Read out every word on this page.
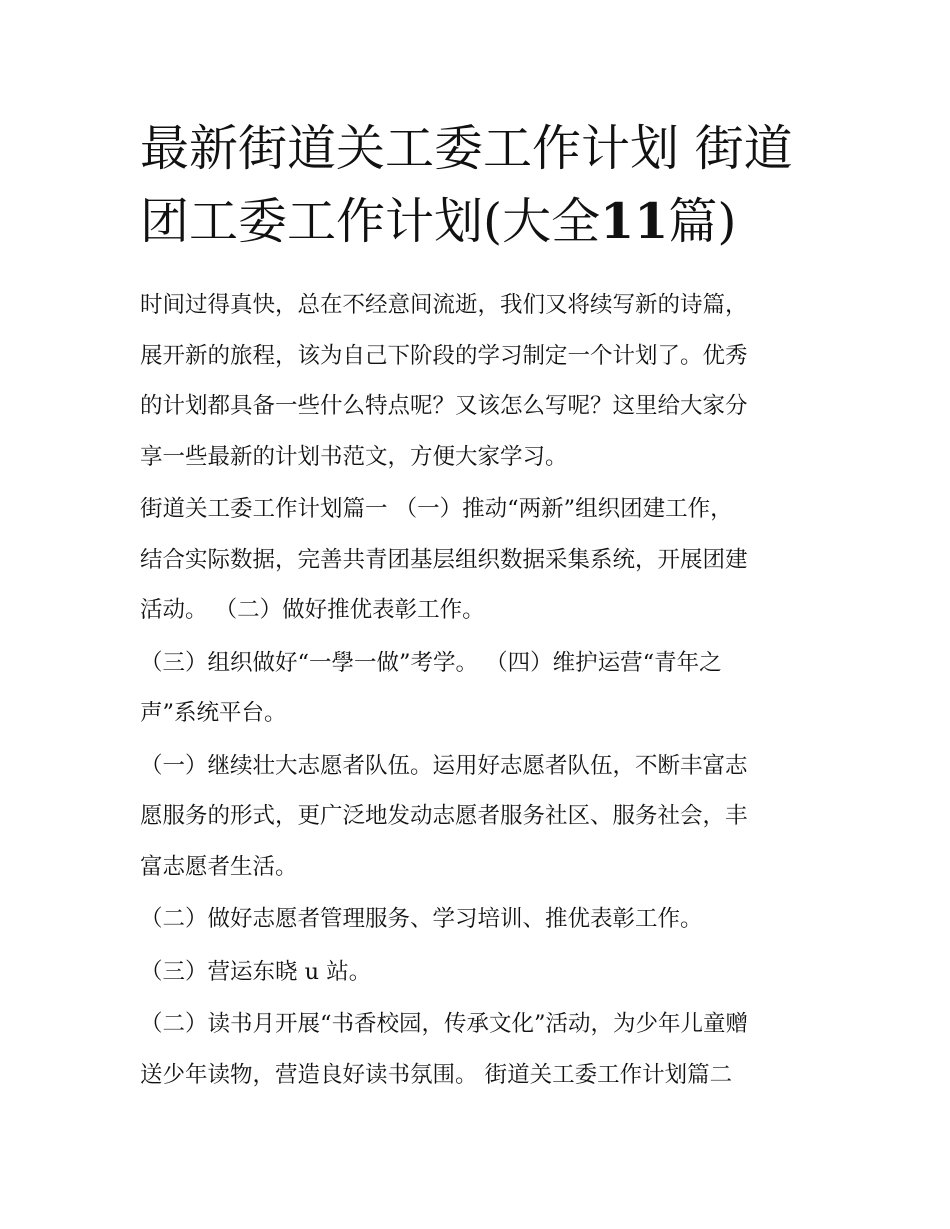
最新街道关工委工作计划 街道
团工委工作计划(大全11篇)
时间过得真快，总在不经意间流逝，我们又将续写新的诗篇，
展开新的旅程，该为自己下阶段的学习制定一个计划了。优秀
的计划都具备一些什么特点呢？又该怎么写呢？这里给大家分
享一些最新的计划书范文，方便大家学习。
街道关工委工作计划篇一 （一）推动“两新”组织团建工作，
结合实际数据，完善共青团基层组织数据采集系统，开展团建
活动。 （二）做好推优表彰工作。
（三）组织做好“一學一做”考学。 （四）维护运营“青年之
声”系统平台。
（一）继续壮大志愿者队伍。运用好志愿者队伍，不断丰富志
愿服务的形式，更广泛地发动志愿者服务社区、服务社会，丰
富志愿者生活。
（二）做好志愿者管理服务、学习培训、推优表彰工作。
（三）营运东晓 u 站。
（二）读书月开展“书香校园，传承文化”活动，为少年儿童赠
送少年读物，营造良好读书氛围。 街道关工委工作计划篇二
